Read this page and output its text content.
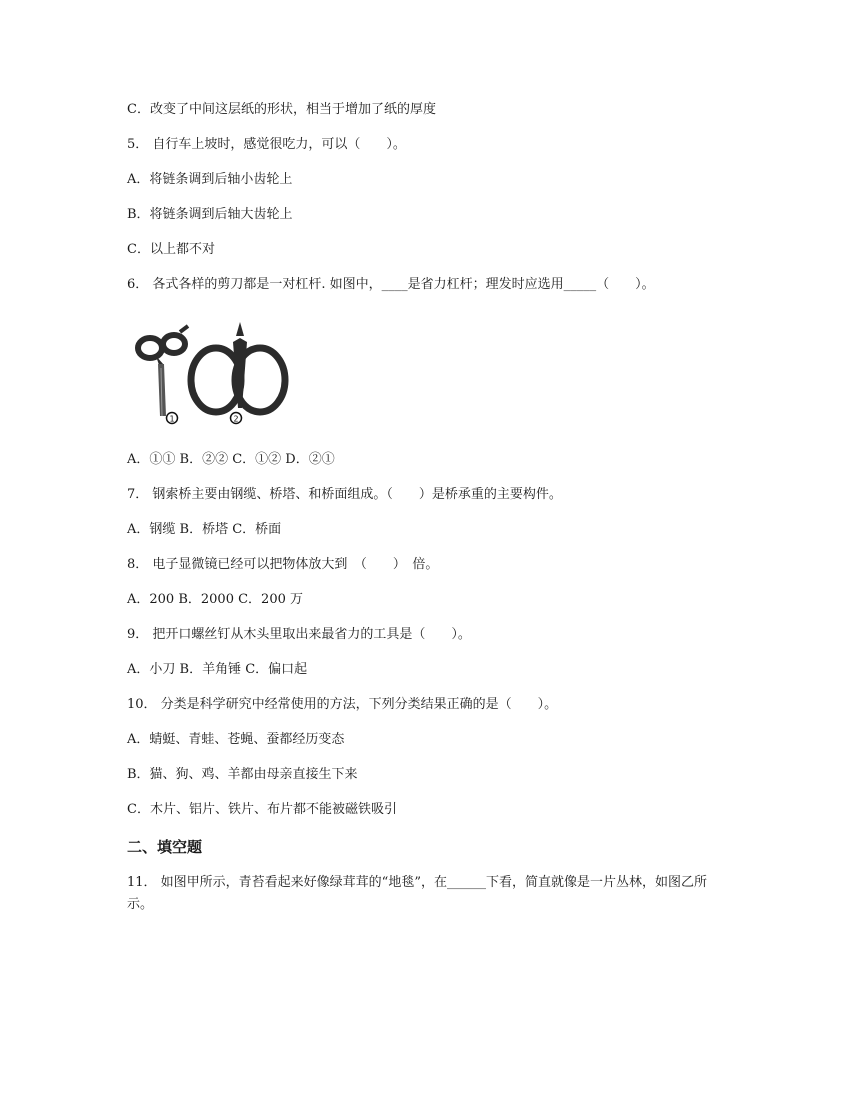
C．改变了中间这层纸的形状，相当于增加了纸的厚度
5． 自行车上坡时，感觉很吃力，可以（　　）。
A．将链条调到后轴小齿轮上
B．将链条调到后轴大齿轮上
C．以上都不对
6． 各式各样的剪刀都是一对杠杆. 如图中，____是省力杠杆；理发时应选用_____（　　）。
1	2
A．①① B．②② C．①② D．②①
7． 钢索桥主要由钢缆、桥塔、和桥面组成。（　　）是桥承重的主要构件。
A．钢缆 B．桥塔 C．桥面
8． 电子显微镜已经可以把物体放大到　（　　）　倍。
A．200 B．2000 C．200 万
9． 把开口螺丝钉从木头里取出来最省力的工具是（　　）。
A．小刀 B．羊角锤 C．偏口起
10． 分类是科学研究中经常使用的方法，下列分类结果正确的是（　　）。
A．蜻蜓、青蛙、苍蝇、蚕都经历变态
B．猫、狗、鸡、羊都由母亲直接生下来
C．木片、铝片、铁片、布片都不能被磁铁吸引
二、填空题
11． 如图甲所示，青苔看起来好像绿茸茸的“地毯”，在______下看，简直就像是一片丛林，如图乙所示。
